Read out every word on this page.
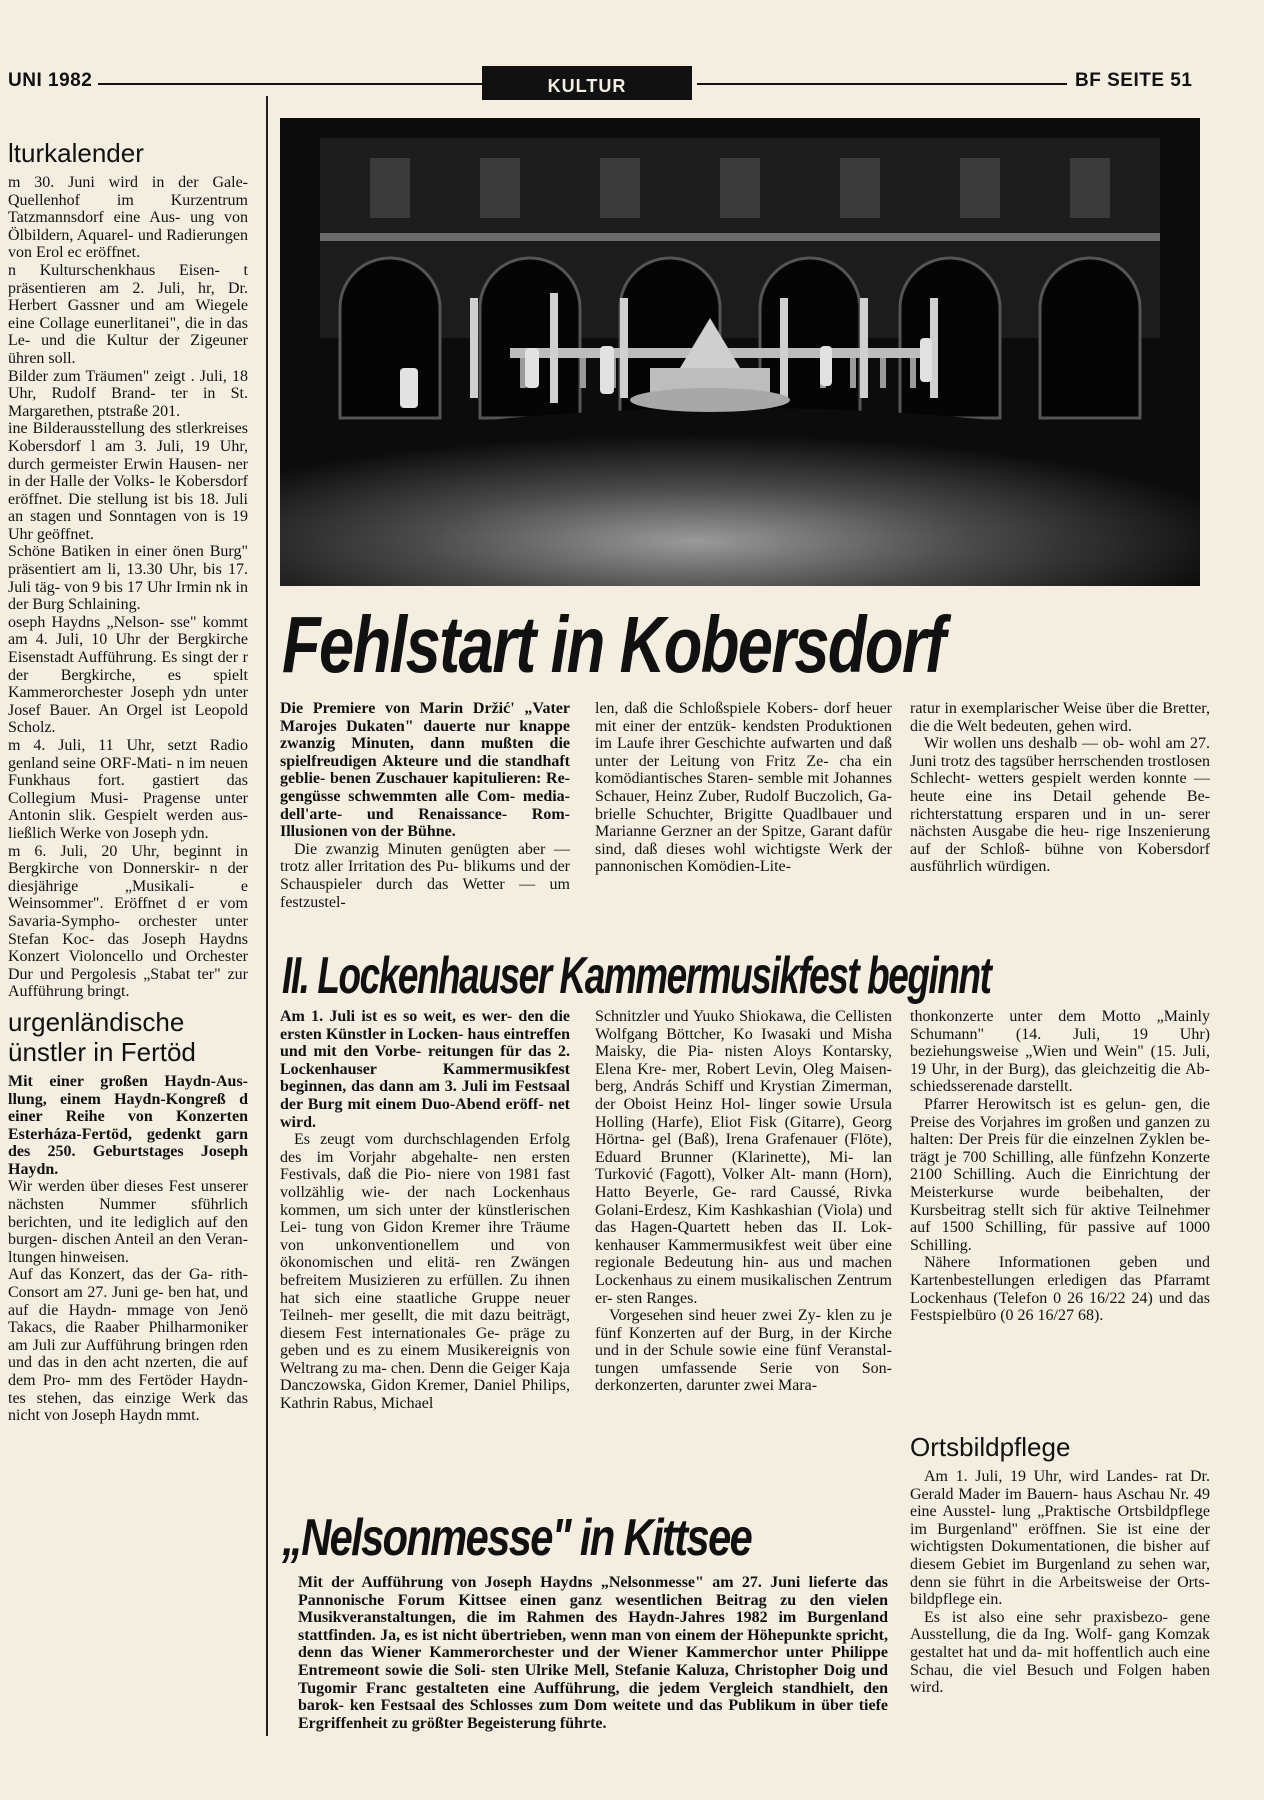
UNI 1982	KULTUR	BF SEITE 51
lturkalender

m 30. Juni wird in der Gale- Quellenhof im Kurzentrum Tatzmannsdorf eine Aus- ung von Ölbildern, Aquarel- und Radierungen von Erol ec eröffnet.

n Kulturschenkhaus Eisen- t präsentieren am 2. Juli, hr, Dr. Herbert Gassner und am Wiegele eine Collage eunerlitanei", die in das Le- und die Kultur der Zigeuner ühren soll.

Bilder zum Träumen" zeigt . Juli, 18 Uhr, Rudolf Brand- ter in St. Margarethen, ptstraße 201.

ine Bilderausstellung des stlerkreises Kobersdorf l am 3. Juli, 19 Uhr, durch germeister Erwin Hausen- ner in der Halle der Volks- le Kobersdorf eröffnet. Die stellung ist bis 18. Juli an stagen und Sonntagen von is 19 Uhr geöffnet.

Schöne Batiken in einer önen Burg" präsentiert am li, 13.30 Uhr, bis 17. Juli täg- von 9 bis 17 Uhr Irmin nk in der Burg Schlaining.

oseph Haydns „Nelson- sse" kommt am 4. Juli, 10 Uhr der Bergkirche Eisenstadt Aufführung. Es singt der r der Bergkirche, es spielt Kammerorchester Joseph ydn unter Josef Bauer. An Orgel ist Leopold Scholz.

m 4. Juli, 11 Uhr, setzt Radio genland seine ORF-Mati- n im neuen Funkhaus fort. gastiert das Collegium Musi- Pragense unter Antonin slik. Gespielt werden aus- ließlich Werke von Joseph ydn.

m 6. Juli, 20 Uhr, beginnt in Bergkirche von Donnerskir- n der diesjährige „Musikali- e Weinsommer". Eröffnet d er vom Savaria-Sympho- orchester unter Stefan Koc- das Joseph Haydns Konzert Violoncello und Orchester Dur und Pergolesis „Stabat ter" zur Aufführung bringt.

urgenländische ünstler in Fertöd

Mit einer großen Haydn-Aus- llung, einem Haydn-Kongreß d einer Reihe von Konzerten Esterháza-Fertöd, gedenkt garn des 250. Geburtstages Joseph Haydn.

Wir werden über dieses Fest unserer nächsten Nummer sführlich berichten, und ite lediglich auf den burgen- dischen Anteil an den Veran- ltungen hinweisen.

Auf das Konzert, das der Ga- rith-Consort am 27. Juni ge- ben hat, und auf die Haydn- mmage von Jenö Takacs, die Raaber Philharmoniker am Juli zur Aufführung bringen rden und das in den acht nzerten, die auf dem Pro- mm des Fertöder Haydn- tes stehen, das einzige Werk das nicht von Joseph Haydn mmt.

Fehlstart in Kobersdorf

Die Premiere von Marin Držić' „Vater Marojes Dukaten" dauerte nur knappe zwanzig Minuten, dann mußten die spielfreudigen Akteure und die standhaft geblie- benen Zuschauer kapitulieren: Re- gengüsse schwemmten alle Com- media-dell'arte- und Renaissance- Rom-Illusionen von der Bühne.

Die zwanzig Minuten genügten aber — trotz aller Irritation des Pu- blikums und der Schauspieler durch das Wetter — um festzustel-

len, daß die Schloßspiele Kobers- dorf heuer mit einer der entzük- kendsten Produktionen im Laufe ihrer Geschichte aufwarten und daß unter der Leitung von Fritz Ze- cha ein komödiantisches Staren- semble mit Johannes Schauer, Heinz Zuber, Rudolf Buczolich, Ga- brielle Schuchter, Brigitte Quadlbauer und Marianne Gerzner an der Spitze, Garant dafür sind, daß dieses wohl wichtigste Werk der pannonischen Komödien-Lite-

ratur in exemplarischer Weise über die Bretter, die die Welt bedeuten, gehen wird.

Wir wollen uns deshalb — ob- wohl am 27. Juni trotz des tagsüber herrschenden trostlosen Schlecht- wetters gespielt werden konnte — heute eine ins Detail gehende Be- richterstattung ersparen und in un- serer nächsten Ausgabe die heu- rige Inszenierung auf der Schloß- bühne von Kobersdorf ausführlich würdigen.

II. Lockenhauser Kammermusikfest beginnt

Am 1. Juli ist es so weit, es wer- den die ersten Künstler in Locken- haus eintreffen und mit den Vorbe- reitungen für das 2. Lockenhauser Kammermusikfest beginnen, das dann am 3. Juli im Festsaal der Burg mit einem Duo-Abend eröff- net wird.

Es zeugt vom durchschlagenden Erfolg des im Vorjahr abgehalte- nen ersten Festivals, daß die Pio- niere von 1981 fast vollzählig wie- der nach Lockenhaus kommen, um sich unter der künstlerischen Lei- tung von Gidon Kremer ihre Träume von unkonventionellem und von ökonomischen und elitä- ren Zwängen befreitem Musizieren zu erfüllen. Zu ihnen hat sich eine staatliche Gruppe neuer Teilneh- mer gesellt, die mit dazu beiträgt, diesem Fest internationales Ge- präge zu geben und es zu einem Musikereignis von Weltrang zu ma- chen. Denn die Geiger Kaja Danczowska, Gidon Kremer, Daniel Philips, Kathrin Rabus, Michael

Schnitzler und Yuuko Shiokawa, die Cellisten Wolfgang Böttcher, Ko Iwasaki und Misha Maisky, die Pia- nisten Aloys Kontarsky, Elena Kre- mer, Robert Levin, Oleg Maisen- berg, András Schiff und Krystian Zimerman, der Oboist Heinz Hol- linger sowie Ursula Holling (Harfe), Eliot Fisk (Gitarre), Georg Hörtna- gel (Baß), Irena Grafenauer (Flöte), Eduard Brunner (Klarinette), Mi- lan Turković (Fagott), Volker Alt- mann (Horn), Hatto Beyerle, Ge- rard Caussé, Rivka Golani-Erdesz, Kim Kashkashian (Viola) und das Hagen-Quartett heben das II. Lok- kenhauser Kammermusikfest weit über eine regionale Bedeutung hin- aus und machen Lockenhaus zu einem musikalischen Zentrum er- sten Ranges.

Vorgesehen sind heuer zwei Zy- klen zu je fünf Konzerten auf der Burg, in der Kirche und in der Schule sowie eine fünf Veranstal- tungen umfassende Serie von Son- derkonzerten, darunter zwei Mara-

thonkonzerte unter dem Motto „Mainly Schumann" (14. Juli, 19 Uhr) beziehungsweise „Wien und Wein" (15. Juli, 19 Uhr, in der Burg), das gleichzeitig die Ab- schiedsserenade darstellt.

Pfarrer Herowitsch ist es gelun- gen, die Preise des Vorjahres im großen und ganzen zu halten: Der Preis für die einzelnen Zyklen be- trägt je 700 Schilling, alle fünfzehn Konzerte 2100 Schilling. Auch die Einrichtung der Meisterkurse wurde beibehalten, der Kursbeitrag stellt sich für aktive Teilnehmer auf 1500 Schilling, für passive auf 1000 Schilling.

Nähere Informationen geben und Kartenbestellungen erledigen das Pfarramt Lockenhaus (Telefon 0 26 16/22 24) und das Festspielbüro (0 26 16/27 68).

„Nelsonmesse" in Kittsee

Mit der Aufführung von Joseph Haydns „Nelsonmesse" am 27. Juni lieferte das Pannonische Forum Kittsee einen ganz wesentlichen Beitrag zu den vielen Musikveranstaltungen, die im Rahmen des Haydn-Jahres 1982 im Burgenland stattfinden. Ja, es ist nicht übertrieben, wenn man von einem der Höhepunkte spricht, denn das Wiener Kammerorchester und der Wiener Kammerchor unter Philippe Entremeont sowie die Soli- sten Ulrike Mell, Stefanie Kaluza, Christopher Doig und Tugomir Franc gestalteten eine Aufführung, die jedem Vergleich standhielt, den barok- ken Festsaal des Schlosses zum Dom weitete und das Publikum in über tiefe Ergriffenheit zu größter Begeisterung führte.

Ortsbildpflege

Am 1. Juli, 19 Uhr, wird Landes- rat Dr. Gerald Mader im Bauern- haus Aschau Nr. 49 eine Ausstel- lung „Praktische Ortsbildpflege im Burgenland" eröffnen. Sie ist eine der wichtigsten Dokumentationen, die bisher auf diesem Gebiet im Burgenland zu sehen war, denn sie führt in die Arbeitsweise der Orts- bildpflege ein.

Es ist also eine sehr praxisbezo- gene Ausstellung, die da Ing. Wolf- gang Komzak gestaltet hat und da- mit hoffentlich auch eine Schau, die viel Besuch und Folgen haben wird.
